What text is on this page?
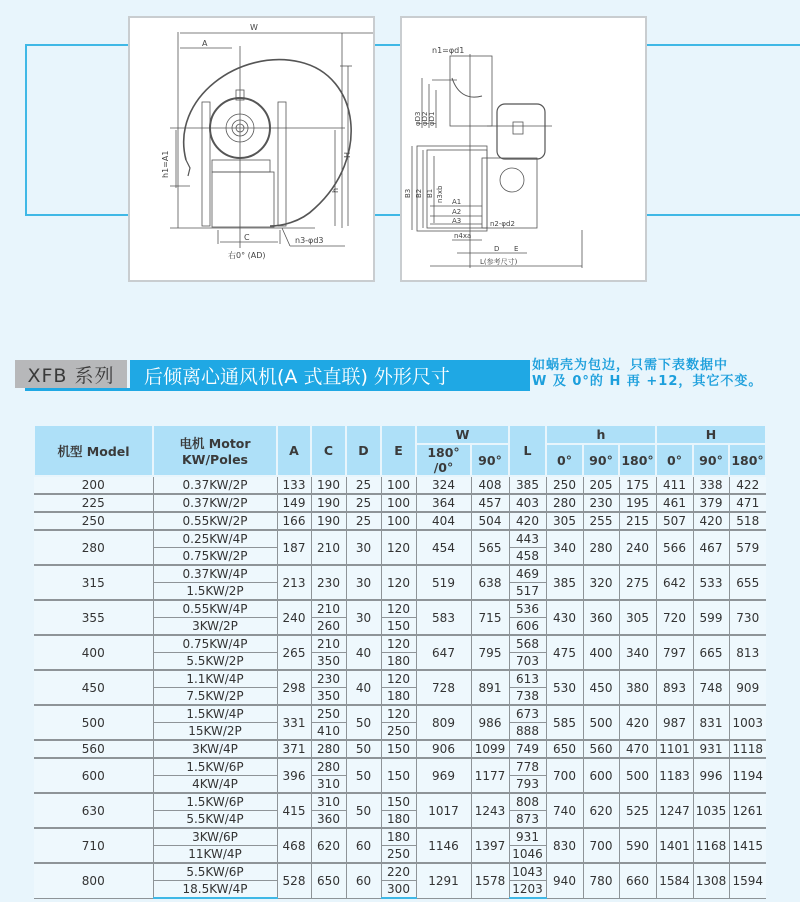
W
A
H
h
h1=A1
C	n3-φd3
右0° (AD)
n1=φd1
φD3 φD2 φD1
B3 B2 B1 n3xb A1
A2
A3	n2-φd2
n4xa
D E
L(参考尺寸)
XFB 系列	后倾离心通风机(A 式直联) 外形尺寸	如蜗壳为包边，只需下表数据中
W 及 0°的 H 再 +12，其它不变。
机型 Model	电机 Motor
KW/Poles	A	C	D	E	W		L	h			H		
						180° /0°	90°		0°	90°	180°	0°	90°	180°
200	0.37KW/2P	133	190	25	100	324	408	385	250	205	175	411	338	422
225	0.37KW/2P	149	190	25	100	364	457	403	280	230	195	461	379	471
250	0.55KW/2P	166	190	25	100	404	504	420	305	255	215	507	420	518
280	0.25KW/4P	187	210	30	120	454	565	443	340	280	240	566	467	579
	0.75KW/2P							458						
315	0.37KW/4P	213	230	30	120	519	638	469	385	320	275	642	533	655
	1.5KW/2P							517						
355	0.55KW/4P	240	210	30	120	583	715	536	430	360	305	720	599	730
	3KW/2P		260		150			606						
400	0.75KW/4P	265	210	40	120	647	795	568	475	400	340	797	665	813
	5.5KW/2P		350		180			703						
450	1.1KW/4P	298	230	40	120	728	891	613	530	450	380	893	748	909
	7.5KW/2P		350		180			738						
500	1.5KW/4P	331	250	50	120	809	986	673	585	500	420	987	831	1003
	15KW/2P		410		250			888						
560	3KW/4P	371	280	50	150	906	1099	749	650	560	470	1101	931	1118
600	1.5KW/6P	396	280	50	150	969	1177	778	700	600	500	1183	996	1194
	4KW/4P		310					793						
630	1.5KW/6P	415	310	50	150	1017	1243	808	740	620	525	1247	1035	1261
	5.5KW/4P		360		180			873						
710	3KW/6P	468	620	60	180	1146	1397	931	830	700	590	1401	1168	1415
	11KW/4P				250			1046						
800	5.5KW/6P	528	650	60	220	1291	1578	1043	940	780	660	1584	1308	1594
	18.5KW/4P				300			1203						
